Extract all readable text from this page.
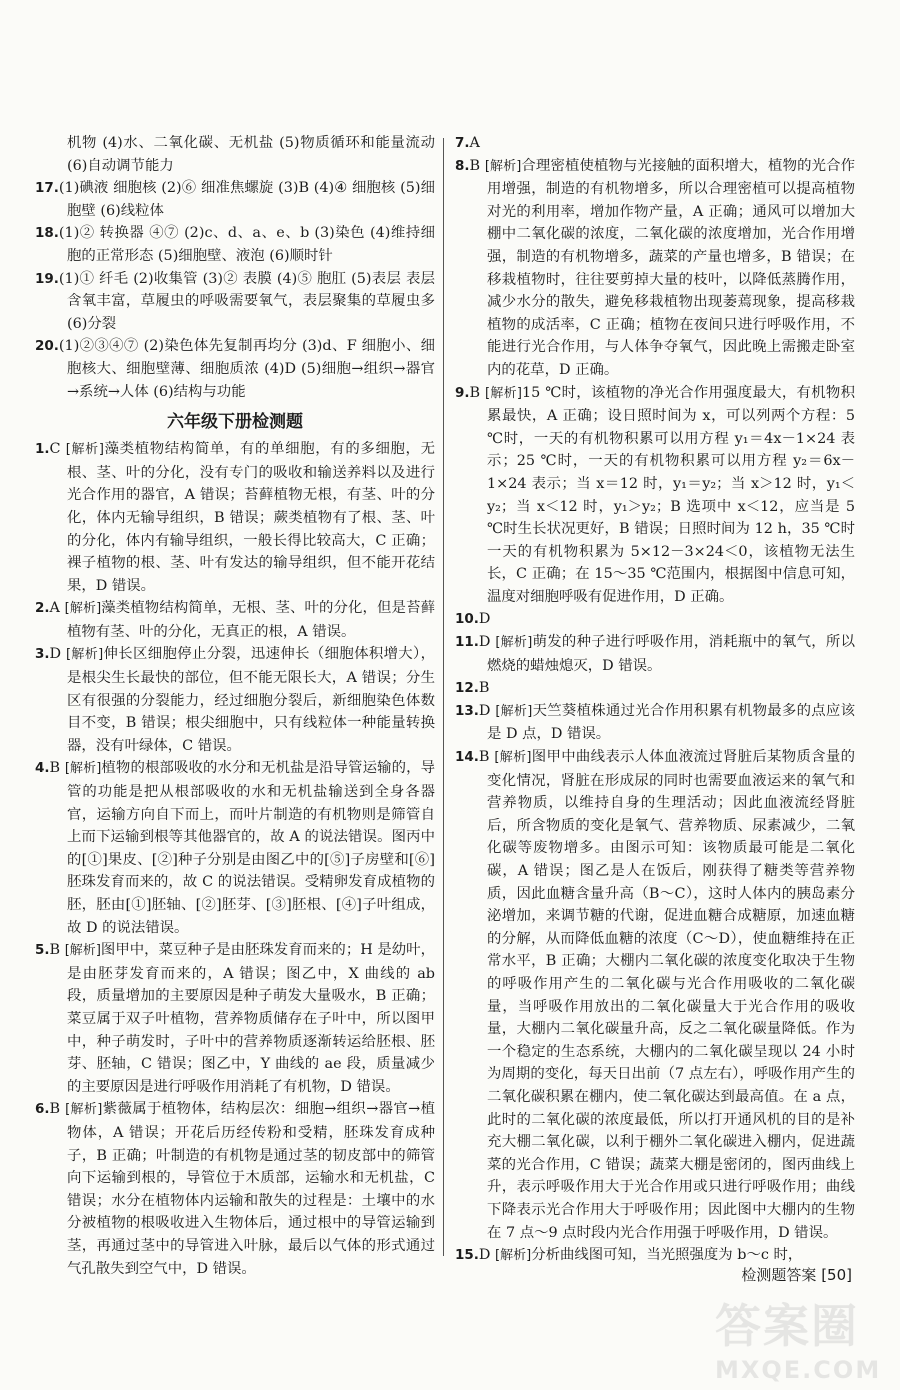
机物 (4)水、二氧化碳、无机盐 (5)物质循环和能量流动 (6)自动调节能力
17.(1)碘液 细胞核 (2)⑥ 细准焦螺旋 (3)B (4)④ 细胞核 (5)细胞壁 (6)线粒体
18.(1)② 转换器 ④⑦ (2)c、d、a、e、b (3)染色 (4)维持细胞的正常形态 (5)细胞壁、液泡 (6)顺时针
19.(1)① 纤毛 (2)收集管 (3)② 表膜 (4)⑤ 胞肛 (5)表层 表层含氧丰富，草履虫的呼吸需要氧气，表层聚集的草履虫多 (6)分裂
20.(1)②③④⑦ (2)染色体先复制再均分 (3)d、F 细胞小、细胞核大、细胞壁薄、细胞质浓 (4)D (5)细胞→组织→器官→系统→人体 (6)结构与功能
六年级下册检测题
1.C [解析]藻类植物结构简单，有的单细胞，有的多细胞，无根、茎、叶的分化，没有专门的吸收和输送养料以及进行光合作用的器官，A 错误；苔藓植物无根，有茎、叶的分化，体内无输导组织，B 错误；蕨类植物有了根、茎、叶的分化，体内有输导组织，一般长得比较高大，C 正确；裸子植物的根、茎、叶有发达的输导组织，但不能开花结果，D 错误。
2.A [解析]藻类植物结构简单，无根、茎、叶的分化，但是苔藓植物有茎、叶的分化，无真正的根，A 错误。
3.D [解析]伸长区细胞停止分裂，迅速伸长（细胞体积增大），是根尖生长最快的部位，但不能无限长大，A 错误；分生区有很强的分裂能力，经过细胞分裂后，新细胞染色体数目不变，B 错误；根尖细胞中，只有线粒体一种能量转换器，没有叶绿体，C 错误。
4.B [解析]植物的根部吸收的水分和无机盐是沿导管运输的，导管的功能是把从根部吸收的水和无机盐输送到全身各器官，运输方向自下而上，而叶片制造的有机物则是筛管自上而下运输到根等其他器官的，故 A 的说法错误。图丙中的[①]果皮、[②]种子分别是由图乙中的[⑤]子房壁和[⑥]胚珠发育而来的，故 C 的说法错误。受精卵发育成植物的胚，胚由[①]胚轴、[②]胚芽、[③]胚根、[④]子叶组成，故 D 的说法错误。
5.B [解析]图甲中，菜豆种子是由胚珠发育而来的；H 是幼叶，是由胚芽发育而来的，A 错误；图乙中，X 曲线的 ab 段，质量增加的主要原因是种子萌发大量吸水，B 正确；菜豆属于双子叶植物，营养物质储存在子叶中，所以图甲中，种子萌发时，子叶中的营养物质逐渐转运给胚根、胚芽、胚轴，C 错误；图乙中，Y 曲线的 ae 段，质量减少的主要原因是进行呼吸作用消耗了有机物，D 错误。
6.B [解析]紫薇属于植物体，结构层次：细胞→组织→器官→植物体，A 错误；开花后历经传粉和受精，胚珠发育成种子，B 正确；叶制造的有机物是通过茎的韧皮部中的筛管向下运输到根的，导管位于木质部，运输水和无机盐，C 错误；水分在植物体内运输和散失的过程是：土壤中的水分被植物的根吸收进入生物体后，通过根中的导管运输到茎，再通过茎中的导管进入叶脉，最后以气体的形式通过气孔散失到空气中，D 错误。
7.A
8.B [解析]合理密植使植物与光接触的面积增大，植物的光合作用增强，制造的有机物增多，所以合理密植可以提高植物对光的利用率，增加作物产量，A 正确；通风可以增加大棚中二氧化碳的浓度，二氧化碳的浓度增加，光合作用增强，制造的有机物增多，蔬菜的产量也增多，B 错误；在移栽植物时，往往要剪掉大量的枝叶，以降低蒸腾作用，减少水分的散失，避免移栽植物出现萎蔫现象，提高移栽植物的成活率，C 正确；植物在夜间只进行呼吸作用，不能进行光合作用，与人体争夺氧气，因此晚上需搬走卧室内的花草，D 正确。
9.B [解析]15 ℃时，该植物的净光合作用强度最大，有机物积累最快，A 正确；设日照时间为 x，可以列两个方程：5 ℃时，一天的有机物积累可以用方程 y₁＝4x－1×24 表示；25 ℃时，一天的有机物积累可以用方程 y₂＝6x－1×24 表示；当 x＝12 时，y₁＝y₂；当 x＞12 时，y₁＜y₂；当 x＜12 时，y₁＞y₂；B 选项中 x＜12，应当是 5 ℃时生长状况更好，B 错误；日照时间为 12 h，35 ℃时一天的有机物积累为 5×12－3×24＜0，该植物无法生长，C 正确；在 15～35 ℃范围内，根据图中信息可知，温度对细胞呼吸有促进作用，D 正确。
10.D
11.D [解析]萌发的种子进行呼吸作用，消耗瓶中的氧气，所以燃烧的蜡烛熄灭，D 错误。
12.B
13.D [解析]天竺葵植株通过光合作用积累有机物最多的点应该是 D 点，D 错误。
14.B [解析]图甲中曲线表示人体血液流过肾脏后某物质含量的变化情况，肾脏在形成尿的同时也需要血液运来的氧气和营养物质，以维持自身的生理活动；因此血液流经肾脏后，所含物质的变化是氧气、营养物质、尿素减少，二氧化碳等废物增多。由图示可知：该物质最可能是二氧化碳，A 错误；图乙是人在饭后，刚获得了糖类等营养物质，因此血糖含量升高（B～C），这时人体内的胰岛素分泌增加，来调节糖的代谢，促进血糖合成糖原，加速血糖的分解，从而降低血糖的浓度（C～D），使血糖维持在正常水平，B 正确；大棚内二氧化碳的浓度变化取决于生物的呼吸作用产生的二氧化碳与光合作用吸收的二氧化碳量，当呼吸作用放出的二氧化碳量大于光合作用的吸收量，大棚内二氧化碳量升高，反之二氧化碳量降低。作为一个稳定的生态系统，大棚内的二氧化碳呈现以 24 小时为周期的变化，每天日出前（7 点左右），呼吸作用产生的二氧化碳积累在棚内，使二氧化碳达到最高值。在 a 点，此时的二氧化碳的浓度最低，所以打开通风机的目的是补充大棚二氧化碳，以利于棚外二氧化碳进入棚内，促进蔬菜的光合作用，C 错误；蔬菜大棚是密闭的，图丙曲线上升，表示呼吸作用大于光合作用或只进行呼吸作用；曲线下降表示光合作用大于呼吸作用；因此图中大棚内的生物在 7 点～9 点时段内光合作用强于呼吸作用，D 错误。
15.D [解析]分析曲线图可知，当光照强度为 b～c 时，
检测题答案 [50]
答案圈
MXQE.COM
